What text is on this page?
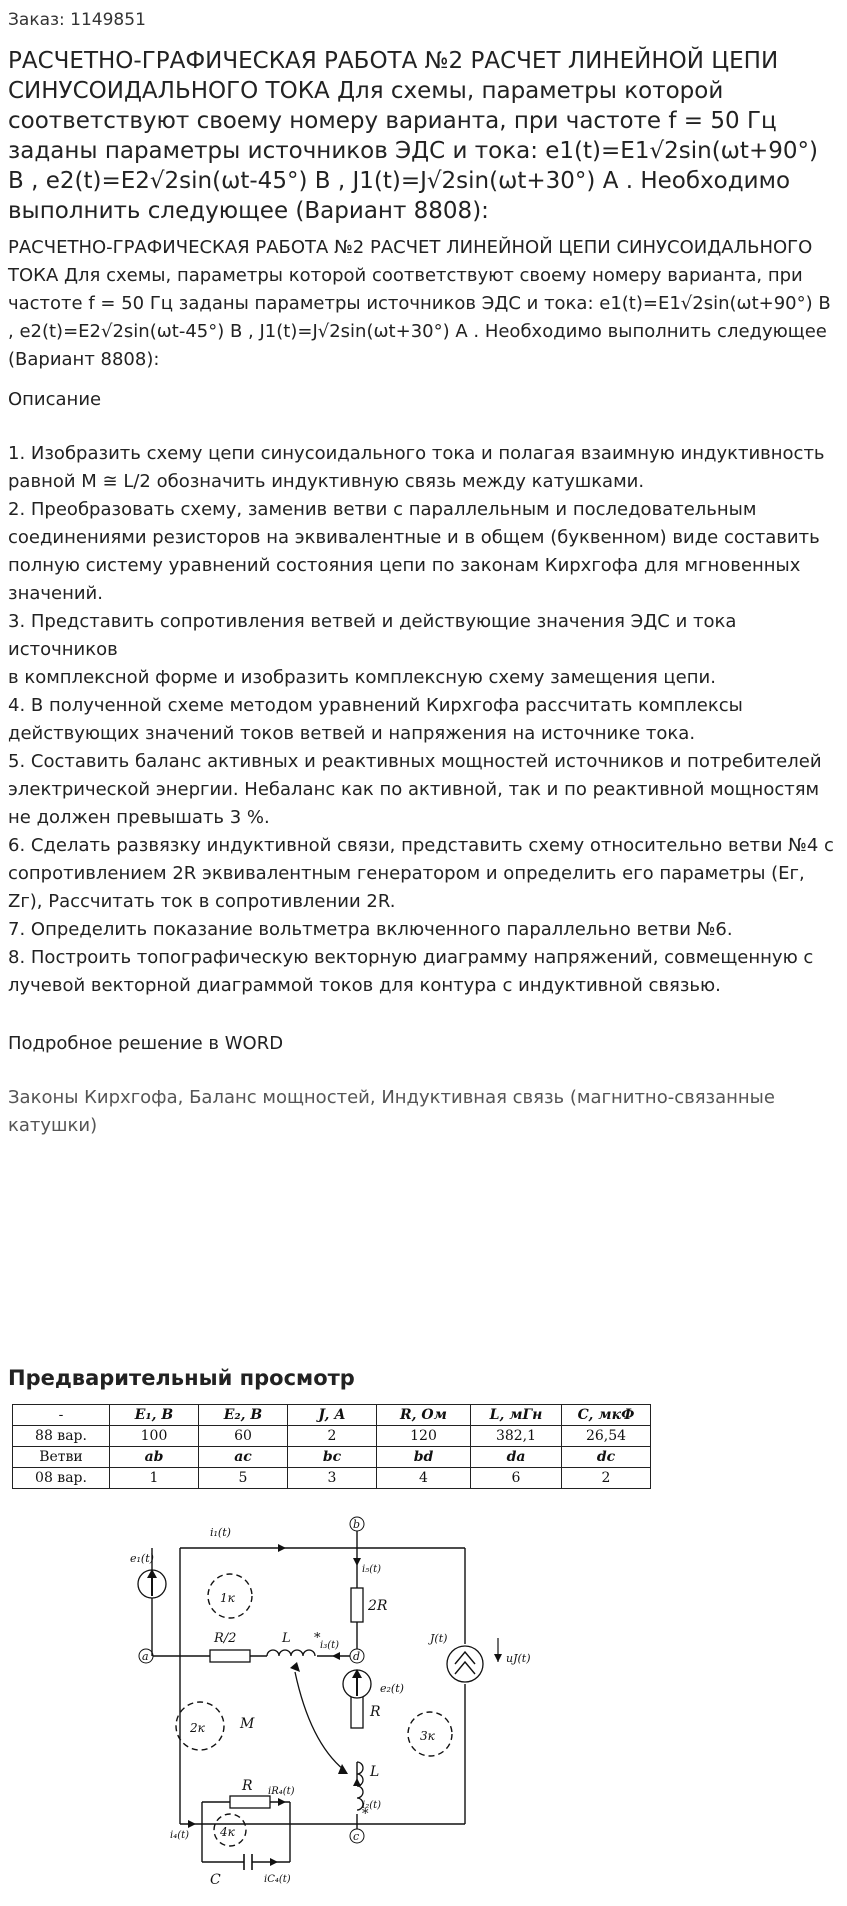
Заказ: 1149851
РАСЧЕТНО-ГРАФИЧЕСКАЯ РАБОТА №2 РАСЧЕТ ЛИНЕЙНОЙ ЦЕПИ СИНУСОИДАЛЬНОГО ТОКА Для схемы, параметры которой соответствуют своему номеру варианта, при частоте f = 50 Гц заданы параметры источников ЭДС и тока: e1(t)=E1√2sin(ωt+90°) В , e2(t)=E2√2sin(ωt-45°) В , J1(t)=J√2sin(ωt+30°) А . Необходимо выполнить следующее (Вариант 8808):

РАСЧЕТНО-ГРАФИЧЕСКАЯ РАБОТА №2 РАСЧЕТ ЛИНЕЙНОЙ ЦЕПИ СИНУСОИДАЛЬНОГО ТОКА Для схемы, параметры которой соответствуют своему номеру варианта, при частоте f = 50 Гц заданы параметры источников ЭДС и тока: e1(t)=E1√2sin(ωt+90°) В , e2(t)=E2√2sin(ωt-45°) В , J1(t)=J√2sin(ωt+30°) А . Необходимо выполнить следующее (Вариант 8808):

Описание

1. Изобразить схему цепи синусоидального тока и полагая взаимную индуктивность равной M ≅ L/2 обозначить индуктивную связь между катушками.

2. Преобразовать схему, заменив ветви с параллельным и последовательным соединениями резисторов на эквивалентные и в общем (буквенном) виде составить полную систему уравнений состояния цепи по законам Кирхгофа для мгновенных значений.

3. Представить сопротивления ветвей и действующие значения ЭДС и тока источников

в комплексной форме и изобразить комплексную схему замещения цепи.

4. В полученной схеме методом уравнений Кирхгофа рассчитать комплексы действующих значений токов ветвей и напряжения на источнике тока.

5. Составить баланс активных и реактивных мощностей источников и потребителей электрической энергии. Небаланс как по активной, так и по реактивной мощностям не должен превышать 3 %.

6. Сделать развязку индуктивной связи, представить схему относительно ветви №4 с сопротивлением 2R эквивалентным генератором и определить его параметры (Ег, Zг), Рассчитать ток в сопротивлении 2R.

7. Определить показание вольтметра включенного параллельно ветви №6.

8. Построить топографическую векторную диаграмму напряжений, совмещенную с лучевой векторной диаграммой токов для контура с индуктивной связью.

Подробное решение в WORD

Законы Кирхгофа, Баланс мощностей, Индуктивная связь (магнитно-связанные катушки)

Предварительный просмотр
-	E₁, В	E₂, В	J, А	R, Ом	L, мГн	C, мкФ
88 вар.	100	60	2	120	382,1	26,54
Ветви	ab	ac	bc	bd	da	dc
08 вар.	1	5	3	4	6	2
b
a	d
c
i₁(t)
i₅(t)
i₃(t)
i₂(t)
i₄(t)
iR₄(t)
iC₄(t)
e₁(t)
e₂(t)
J(t)
uJ(t)
R/2	L *
2R
R
L
*
R
C
M
1к
2к
3к
4к
